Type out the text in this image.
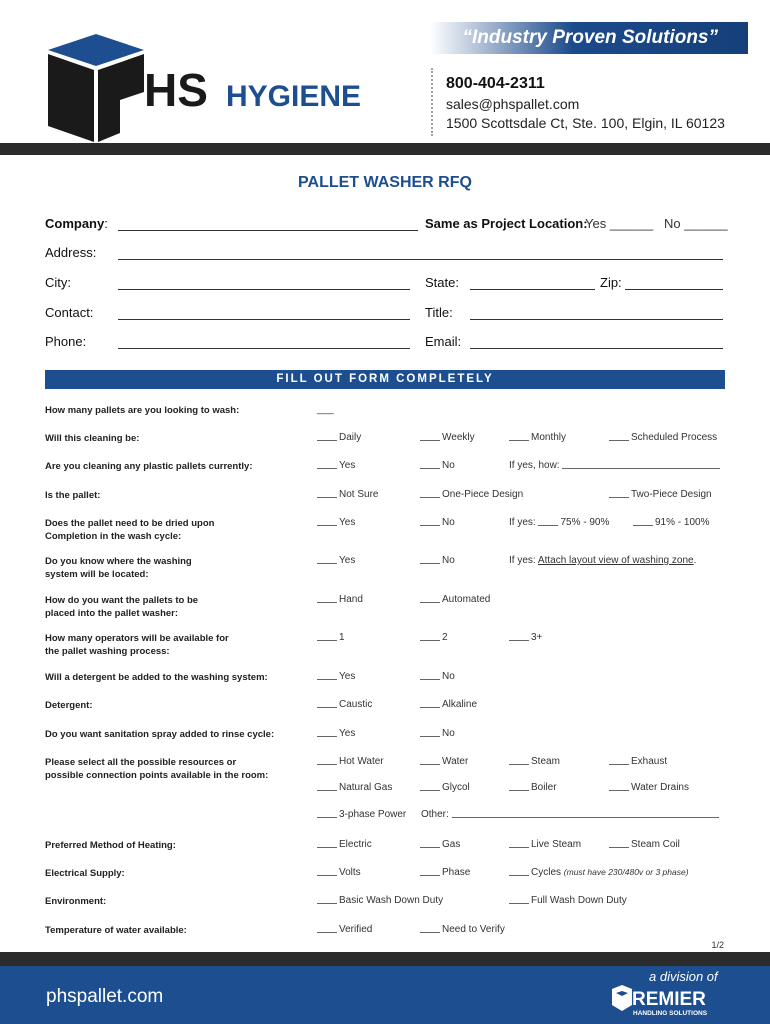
“Industry Proven Solutions”
HS HYGIENE	800-404-2311
sales@phspallet.com
1500 Scottsdale Ct, Ste. 100, Elgin, IL 60123
PALLET WASHER RFQ
Company:	Same as Project Location:
Yes ______ No ______
Address:
City:	State:	Zip:
Contact:	Title:
Phone:	Email:
FILL OUT FORM COMPLETELY
How many pallets are you looking to wash:	___
Will this cleaning be:	Daily	Weekly	Monthly	Scheduled Process
Are you cleaning any plastic pallets currently:	Yes	No	If yes, how:
Is the pallet:	Not Sure	One-Piece Design	Two-Piece Design
Does the pallet need to be dried upon
Completion in the wash cycle:
Yes	No	If yes: 75% - 90%	91% - 100%
Do you know where the washing
system will be located:
Yes	No	If yes: Attach layout view of washing zone.
How do you want the pallets to be
placed into the pallet washer:
Hand	Automated
How many operators will be available for
the pallet washing process:
1	2	3+
Will a detergent be added to the washing system:	Yes	No
Detergent:	Caustic	Alkaline
Do you want sanitation spray added to rinse cycle:	Yes	No
Please select all the possible resources or
possible connection points available in the room:
Hot Water	Water	Steam	Exhaust
Natural Gas	Glycol	Boiler	Water Drains
3-phase Power Other:
Preferred Method of Heating:	Electric	Gas	Live Steam	Steam Coil
Electrical Supply:	Volts	Phase	Cycles (must have 230/480v or 3 phase)
Environment:	Basic Wash Down Duty	Full Wash Down Duty
Temperature of water available:	Verified	Need to Verify
1/2
phspallet.com
a division of
REMIER
HANDLING SOLUTIONS
